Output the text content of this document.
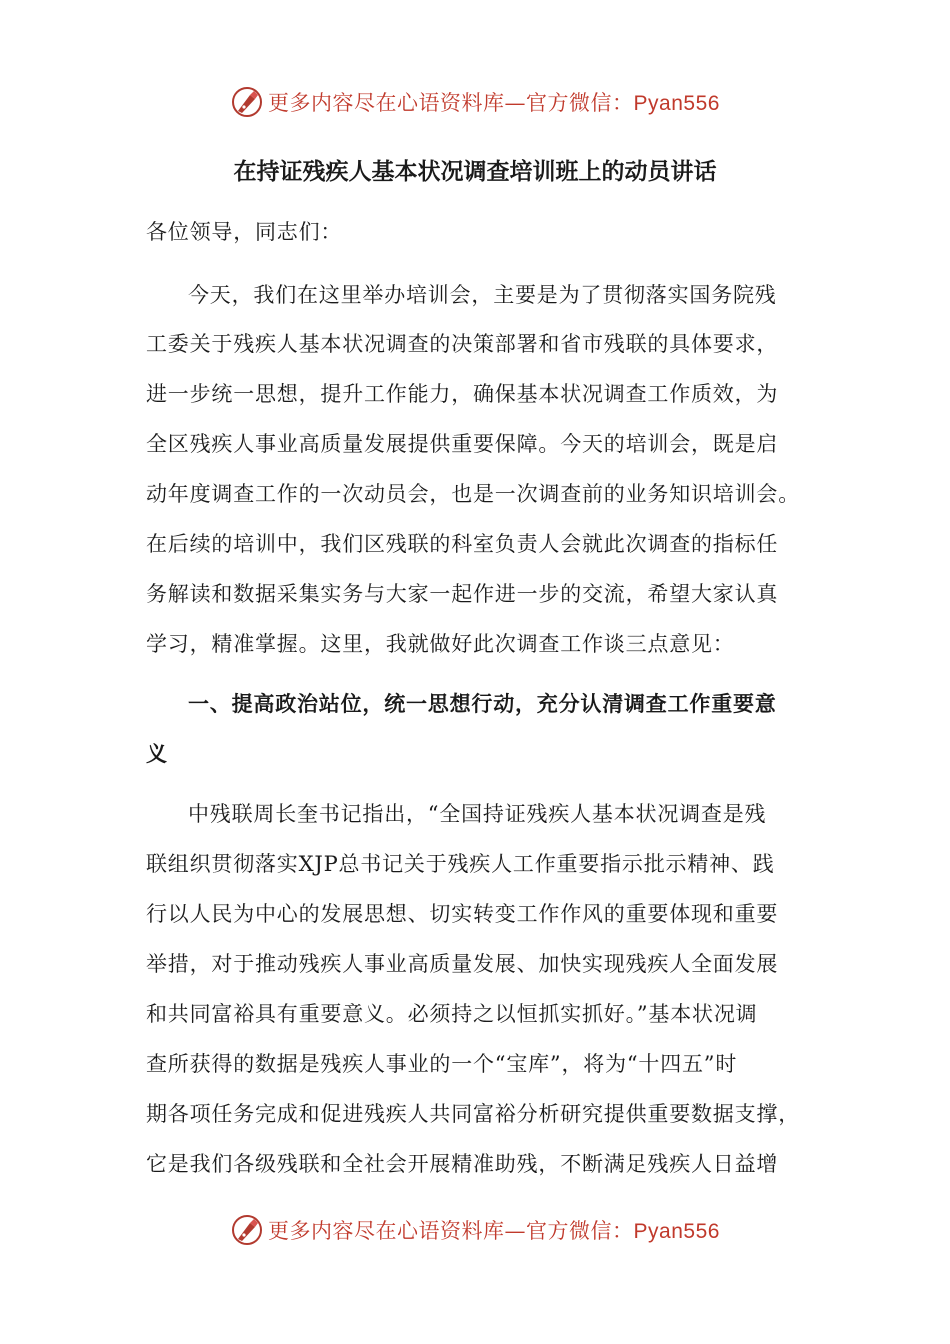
更多内容尽在心语资料库—官方微信：Pyan556
在持证残疾人基本状况调查培训班上的动员讲话
各位领导，同志们：
今天，我们在这里举办培训会，主要是为了贯彻落实国务院残
工委关于残疾人基本状况调查的决策部署和省市残联的具体要求，
进一步统一思想，提升工作能力，确保基本状况调查工作质效，为
全区残疾人事业高质量发展提供重要保障。今天的培训会，既是启
动年度调查工作的一次动员会，也是一次调查前的业务知识培训会。
在后续的培训中，我们区残联的科室负责人会就此次调查的指标任
务解读和数据采集实务与大家一起作进一步的交流，希望大家认真
学习，精准掌握。这里，我就做好此次调查工作谈三点意见：
一、提高政治站位，统一思想行动，充分认清调查工作重要意
义
中残联周长奎书记指出，“全国持证残疾人基本状况调查是残
联组织贯彻落实XJP总书记关于残疾人工作重要指示批示精神、践
行以人民为中心的发展思想、切实转变工作作风的重要体现和重要
举措，对于推动残疾人事业高质量发展、加快实现残疾人全面发展
和共同富裕具有重要意义。必须持之以恒抓实抓好。”基本状况调
查所获得的数据是残疾人事业的一个“宝库”，将为“十四五”时
期各项任务完成和促进残疾人共同富裕分析研究提供重要数据支撑，
它是我们各级残联和全社会开展精准助残，不断满足残疾人日益增
更多内容尽在心语资料库—官方微信：Pyan556
